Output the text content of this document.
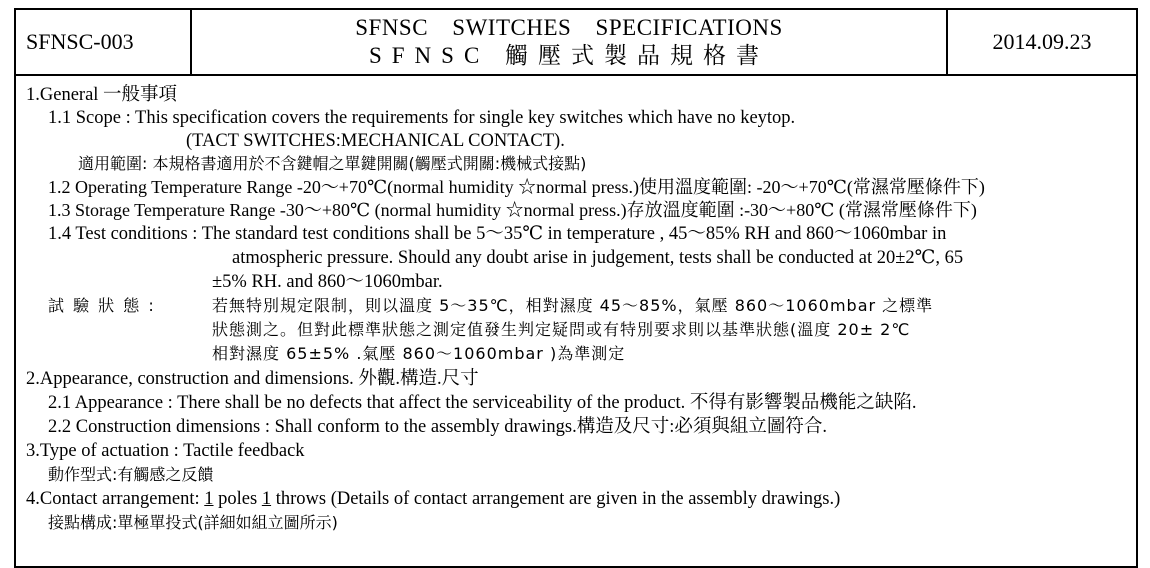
SFNSC-003
SFNSC SWITCHES SPECIFICATIONS
SFNSC 觸壓式製品規格書
2014.09.23
1.General 一般事項
1.1 Scope : This specification covers the requirements for single key switches which have no keytop.
(TACT SWITCHES:MECHANICAL CONTACT).
適用範圍: 本規格書適用於不含鍵帽之單鍵開關(觸壓式開關:機械式接點)
1.2 Operating Temperature Range -20～+70℃(normal humidity ☆normal press.)使用溫度範圍: -20～+70℃(常濕常壓條件下)
1.3 Storage Temperature Range -30～+80℃ (normal humidity ☆normal press.)存放溫度範圍 :-30～+80℃ (常濕常壓條件下)
1.4 Test conditions : The standard test conditions shall be 5～35℃ in temperature , 45～85% RH and 860～1060mbar in
atmospheric pressure. Should any doubt arise in judgement, tests shall be conducted at 20±2℃, 65
±5% RH. and 860～1060mbar.
試 驗 狀 態 :	若無特別規定限制，則以溫度 5～35℃，相對濕度 45～85%，氣壓 860～1060mbar 之標準
狀態測之。但對此標準狀態之測定值發生判定疑問或有特別要求則以基準狀態(溫度 20± 2℃
相對濕度 65±5% .氣壓 860～1060mbar )為準測定
2.Appearance, construction and dimensions. 外觀.構造.尺寸
2.1 Appearance : There shall be no defects that affect the serviceability of the product. 不得有影響製品機能之缺陷.
2.2 Construction dimensions : Shall conform to the assembly drawings.構造及尺寸:必須與組立圖符合.
3.Type of actuation : Tactile feedback
動作型式:有觸感之反饋
4.Contact arrangement: 1 poles 1 throws (Details of contact arrangement are given in the assembly drawings.)
接點構成:單極單投式(詳細如組立圖所示)
